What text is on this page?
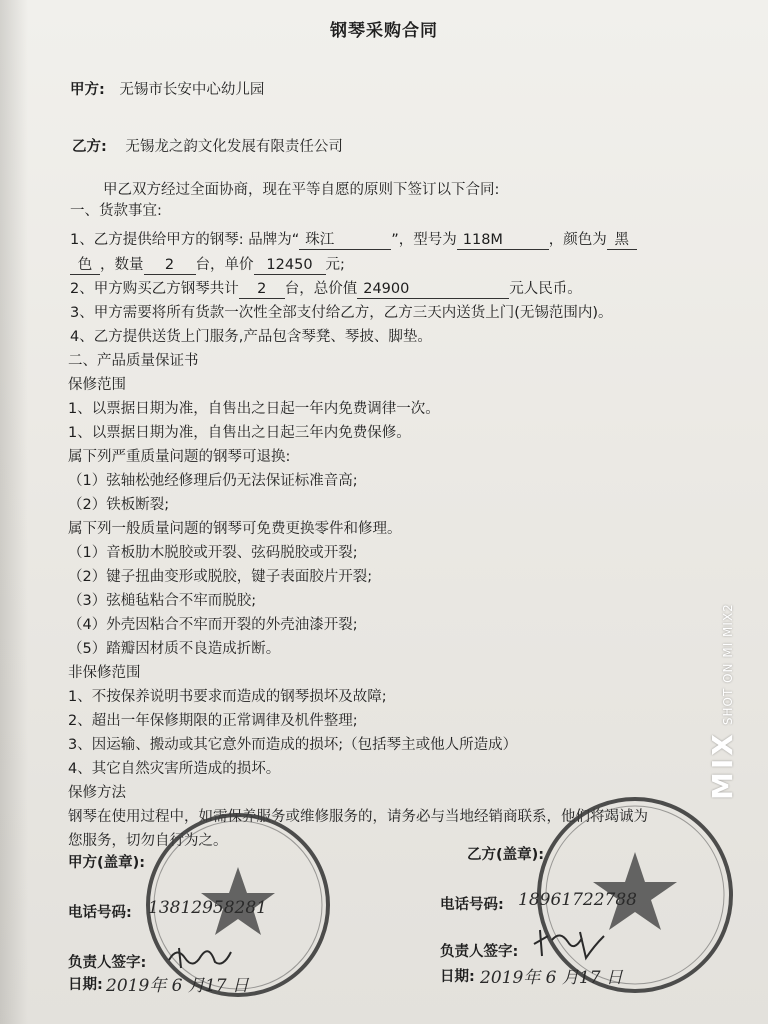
钢琴采购合同
甲方: 无锡市长安中心幼儿园
乙方: 无锡龙之韵文化发展有限责任公司
甲乙双方经过全面协商，现在平等自愿的原则下签订以下合同:
一、货款事宜:
1、乙方提供给甲方的钢琴: 品牌为“ 珠江	”，型号为 118M	，颜色为 黑
色 ，数量 2 台，单价 12450 元;
2、甲方购买乙方钢琴共计 2 台，总价值 24900	元人民币。
3、甲方需要将所有货款一次性全部支付给乙方，乙方三天内送货上门(无锡范围内)。
4、乙方提供送货上门服务,产品包含琴凳、琴披、脚垫。
二、产品质量保证书
保修范围
1、以票据日期为准，自售出之日起一年内免费调律一次。
1、以票据日期为准，自售出之日起三年内免费保修。
属下列严重质量问题的钢琴可退换:
（1）弦轴松弛经修理后仍无法保证标准音高;
（2）铁板断裂;
属下列一般质量问题的钢琴可免费更换零件和修理。
（1）音板肋木脱胶或开裂、弦码脱胶或开裂;
（2）键子扭曲变形或脱胶，键子表面胶片开裂;
（3）弦槌毡粘合不牢而脱胶;
（4）外壳因粘合不牢而开裂的外壳油漆开裂;
（5）踏瓣因材质不良造成折断。
非保修范围
1、不按保养说明书要求而造成的钢琴损坏及故障;
2、超出一年保修期限的正常调律及机件整理;
3、因运输、搬动或其它意外而造成的损坏;（包括琴主或他人所造成）
4、其它自然灾害所造成的损坏。
保修方法
钢琴在使用过程中，如需保养服务或维修服务的，请务必与当地经销商联系，他们将竭诚为
您服务，切勿自行为之。
甲方(盖章):	乙方(盖章):
电话号码: 13812958281	电话号码: 18961722788
负责人签字:
负责人签字:
日期: 2019年 6 月17 日	日期: 2019年 6 月17 日
MIXSHOT ON MI MIX2
